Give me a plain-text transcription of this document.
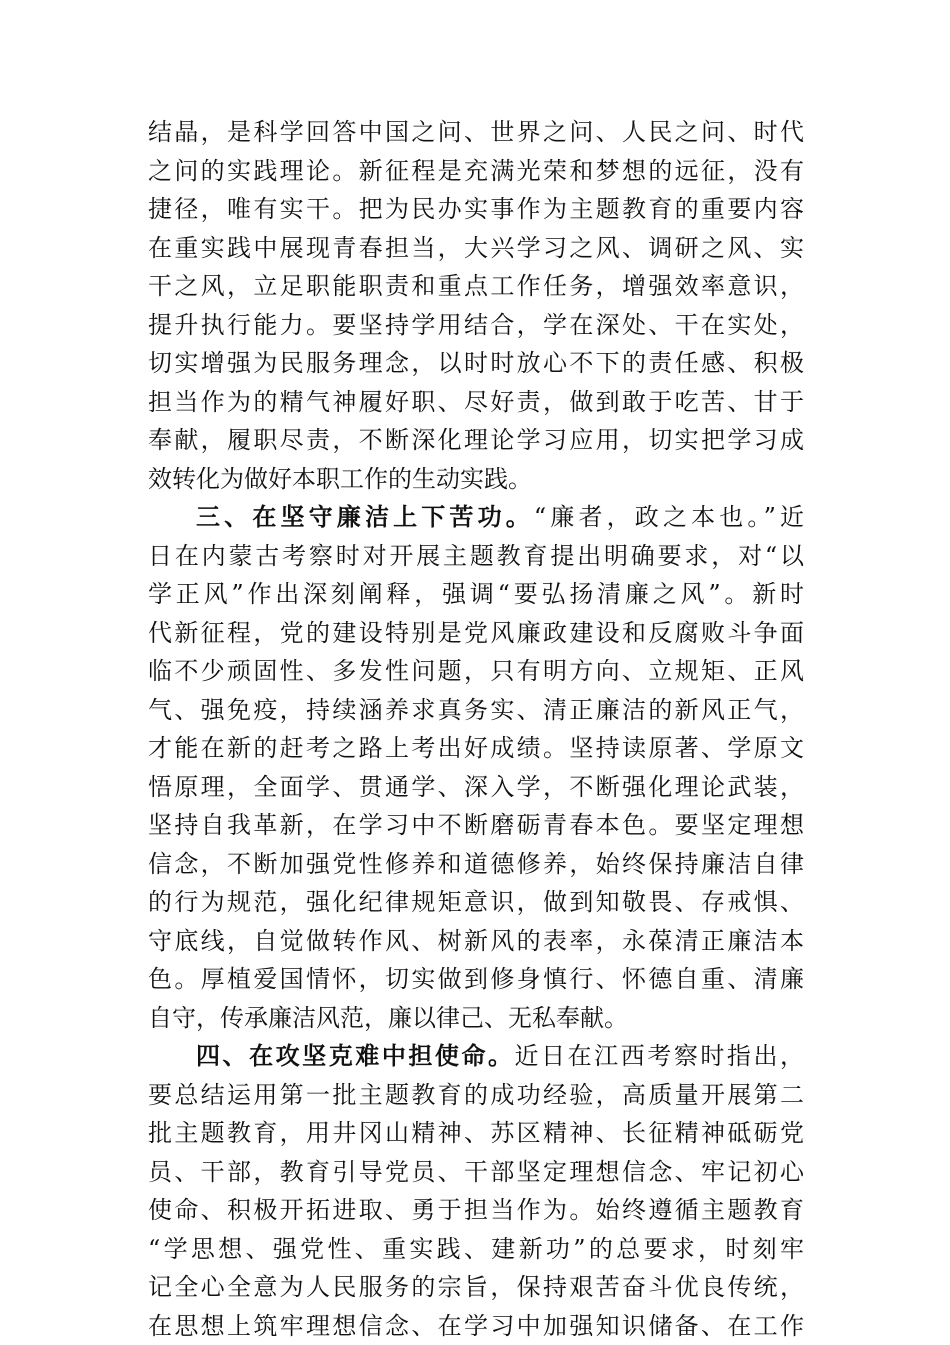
结晶，是科学回答中国之问、世界之问、人民之问、时代
之问的实践理论。新征程是充满光荣和梦想的远征，没有
捷径，唯有实干。把为民办实事作为主题教育的重要内容
在重实践中展现青春担当，大兴学习之风、调研之风、实
干之风，立足职能职责和重点工作任务，增强效率意识，
提升执行能力。要坚持学用结合，学在深处、干在实处，
切实增强为民服务理念，以时时放心不下的责任感、积极
担当作为的精气神履好职、尽好责，做到敢于吃苦、甘于
奉献，履职尽责，不断深化理论学习应用，切实把学习成
效转化为做好本职工作的生动实践。
三、在坚守廉洁上下苦功。“廉者，政之本也。”近
日在内蒙古考察时对开展主题教育提出明确要求，对“以
学正风”作出深刻阐释，强调“要弘扬清廉之风”。新时
代新征程，党的建设特别是党风廉政建设和反腐败斗争面
临不少顽固性、多发性问题，只有明方向、立规矩、正风
气、强免疫，持续涵养求真务实、清正廉洁的新风正气，
才能在新的赶考之路上考出好成绩。坚持读原著、学原文
悟原理，全面学、贯通学、深入学，不断强化理论武装，
坚持自我革新，在学习中不断磨砺青春本色。要坚定理想
信念，不断加强党性修养和道德修养，始终保持廉洁自律
的行为规范，强化纪律规矩意识，做到知敬畏、存戒惧、
守底线，自觉做转作风、树新风的表率，永葆清正廉洁本
色。厚植爱国情怀，切实做到修身慎行、怀德自重、清廉
自守，传承廉洁风范，廉以律己、无私奉献。
四、在攻坚克难中担使命。近日在江西考察时指出，
要总结运用第一批主题教育的成功经验，高质量开展第二
批主题教育，用井冈山精神、苏区精神、长征精神砥砺党
员、干部，教育引导党员、干部坚定理想信念、牢记初心
使命、积极开拓进取、勇于担当作为。始终遵循主题教育
“学思想、强党性、重实践、建新功”的总要求，时刻牢
记全心全意为人民服务的宗旨，保持艰苦奋斗优良传统，
在思想上筑牢理想信念、在学习中加强知识储备、在工作
